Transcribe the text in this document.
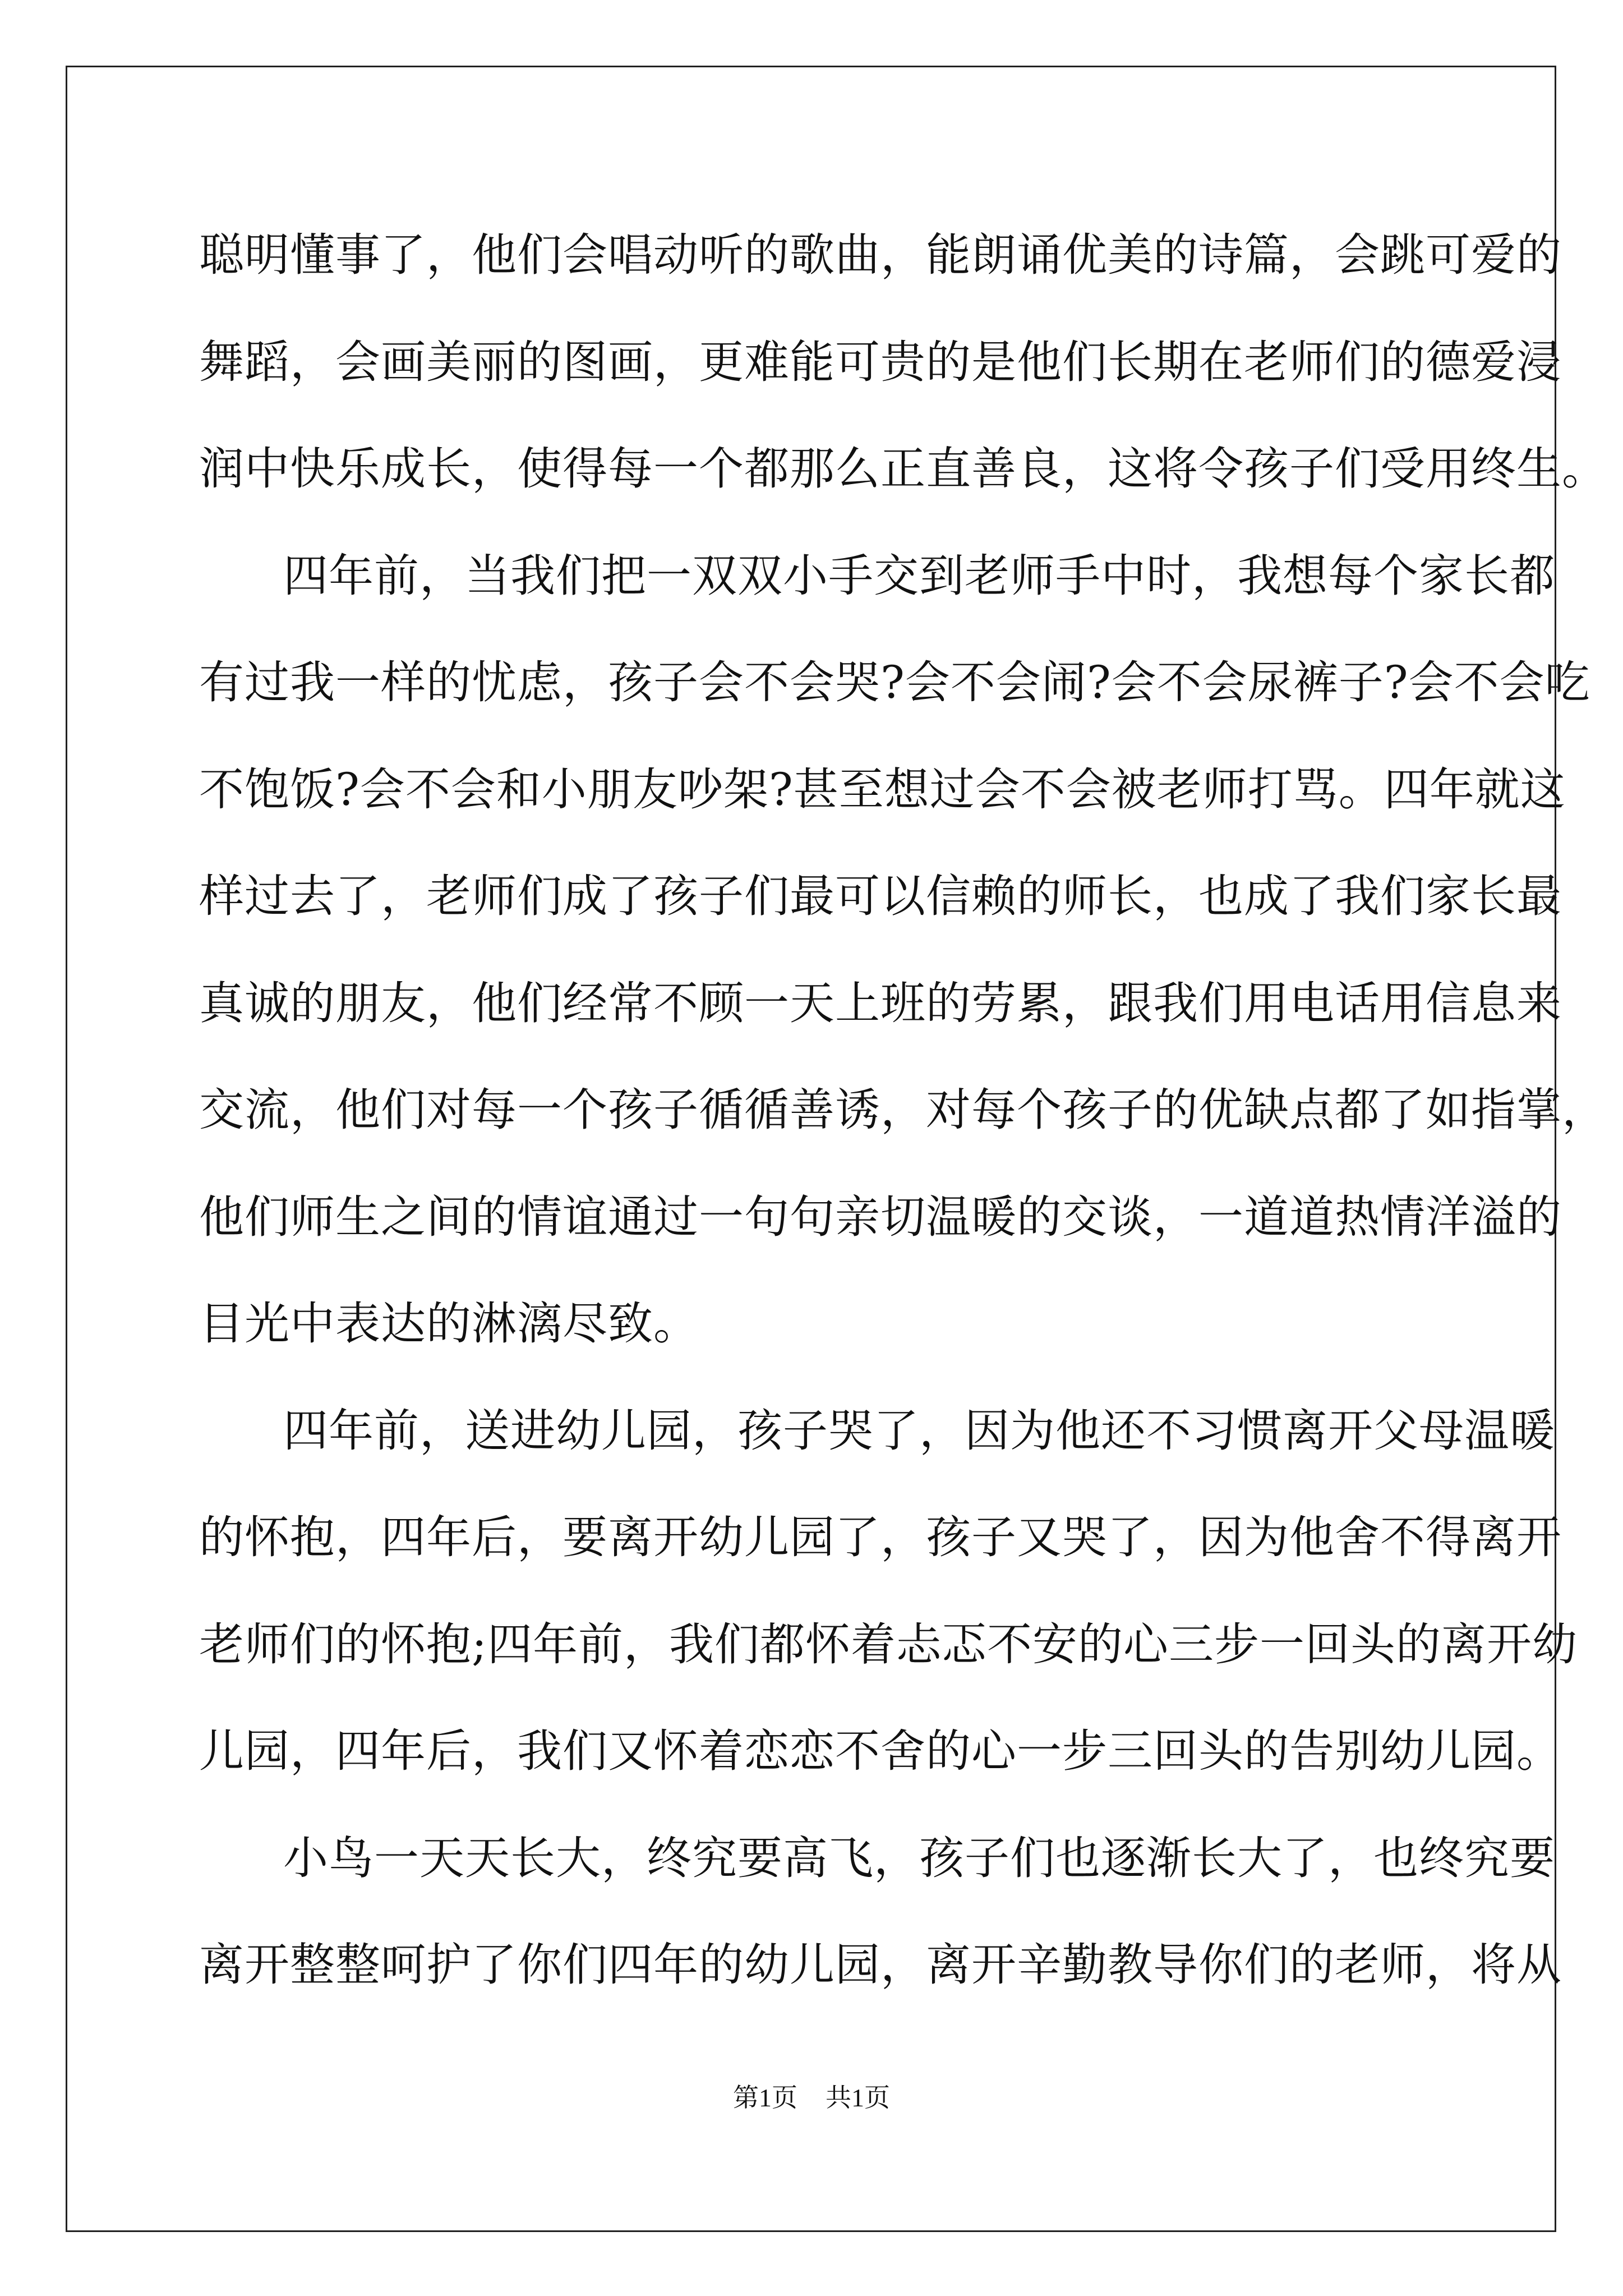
聪明懂事了，他们会唱动听的歌曲，能朗诵优美的诗篇，会跳可爱的
舞蹈，会画美丽的图画，更难能可贵的是他们长期在老师们的德爱浸
润中快乐成长，使得每一个都那么正直善良，这将令孩子们受用终生。
四年前，当我们把一双双小手交到老师手中时，我想每个家长都
有过我一样的忧虑，孩子会不会哭?会不会闹?会不会尿裤子?会不会吃
不饱饭?会不会和小朋友吵架?甚至想过会不会被老师打骂。四年就这
样过去了，老师们成了孩子们最可以信赖的师长，也成了我们家长最
真诚的朋友，他们经常不顾一天上班的劳累，跟我们用电话用信息来
交流，他们对每一个孩子循循善诱，对每个孩子的优缺点都了如指掌，
他们师生之间的情谊通过一句句亲切温暖的交谈，一道道热情洋溢的
目光中表达的淋漓尽致。
四年前，送进幼儿园，孩子哭了，因为他还不习惯离开父母温暖
的怀抱，四年后，要离开幼儿园了，孩子又哭了，因为他舍不得离开
老师们的怀抱;四年前，我们都怀着忐忑不安的心三步一回头的离开幼
儿园，四年后，我们又怀着恋恋不舍的心一步三回头的告别幼儿园。
小鸟一天天长大，终究要高飞，孩子们也逐渐长大了，也终究要
离开整整呵护了你们四年的幼儿园，离开辛勤教导你们的老师，将从
第1页 共1页
